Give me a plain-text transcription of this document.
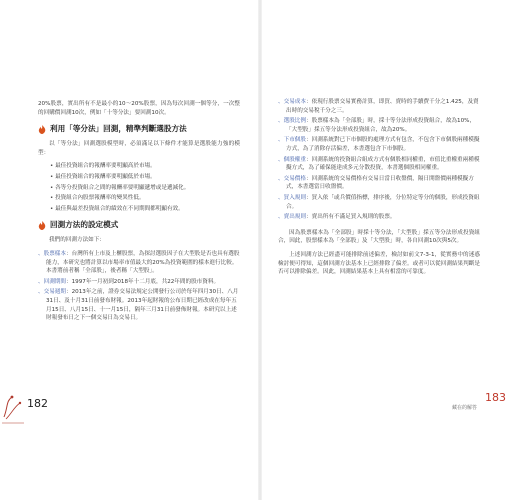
20%股票，實出所有不是最小的10～20%股票，因為每次回測一個等分，一次整的回購價回測10次，例如「十等分法」要回測10次。

利用「等分法」回測，精準判斷選股方法

以「等分法」回測選股模型時，必須滿足以下條件才能算是選股能力強的模型：

• 最佳投資組合的報酬率要明顯高於市場。
• 最佳投資組合的報酬率要明顯低於市場。
• 各等分投資組合之間的報酬率要明顯遞增或是遞減化。
• 投資組合內股票報酬率的變異性低。
• 最佳與最差投資組合的績效在不同期間都明顯有效。
回測方法的設定模式

我們的回測方法如下：

、股票樣本：台灣所有上市及上櫃股票，為探討選股因子在大型股是否也具有選股能力，本研究也將計算以市場率市值最大的20%為投資範圍的樣本進行比較。本書將前者稱「全部股」，後者稱「大型股」。
、回測期間：1997年一月初到2018年十二月底，共22年間的股市資料。
、交易週期：2013年之前，證券交易法規定公開發行公司於每年四月30日、八月31日、及十月31日前發布財報。2013年起財報的公布日期已經改成在每年五月15日、八月15日、十一月15日，隔年三月31日前發佈財報。本研究以上述財報發布日之下一個交易日為交易日。
182
、交易成本：依現行股票交易實務計算，即買、賣時的手續費千分之1.425，及賣出時的交易稅千分之三。
、選股比例：股票樣本為「全部股」時，採十等分法形成投資組合，故為10%，「大型股」採五等分法形成投資組合，故為20%。
、下市個股：回測系統對已下市個股的處理方式有包含，不包含下市個股兩種模擬方式，為了消除存活偏差，本書選包含下市個股。
、個股權重：回測系統的投資組合組成方式有個股相同權重，市值比重權重兩種模擬方式，為了確保能達成多元分散投資，本書選個股相同權重。
、交易價格：回測系統的交易價格有交易日當日收盤價，隔日開盤價兩種模擬方式，本書選當日收盤價。
、買入規則：買入依「或兵價值指標，排序後，分位特定等分的個股，形成投資組合。
、賣出規則：賣出所有不滿足買入規則的股票。

因為股票樣本為「全部股」時採十等分法，「大型股」採五等分法形成投資組合，因此，股票樣本為「全部股」及「大型股」時，各自回測10次與5次。

上述回測方法已經盡可能排除前述偏差，檢討如前文7-3-1，從實務中的迷惑檢討便可得知，這個回測方法基本上已經排除了偏差。或者可以從回測結果判斷是否可以排除偏差。因此，回測結果基本上具有相當的可靠度。

183
藏在的解答
